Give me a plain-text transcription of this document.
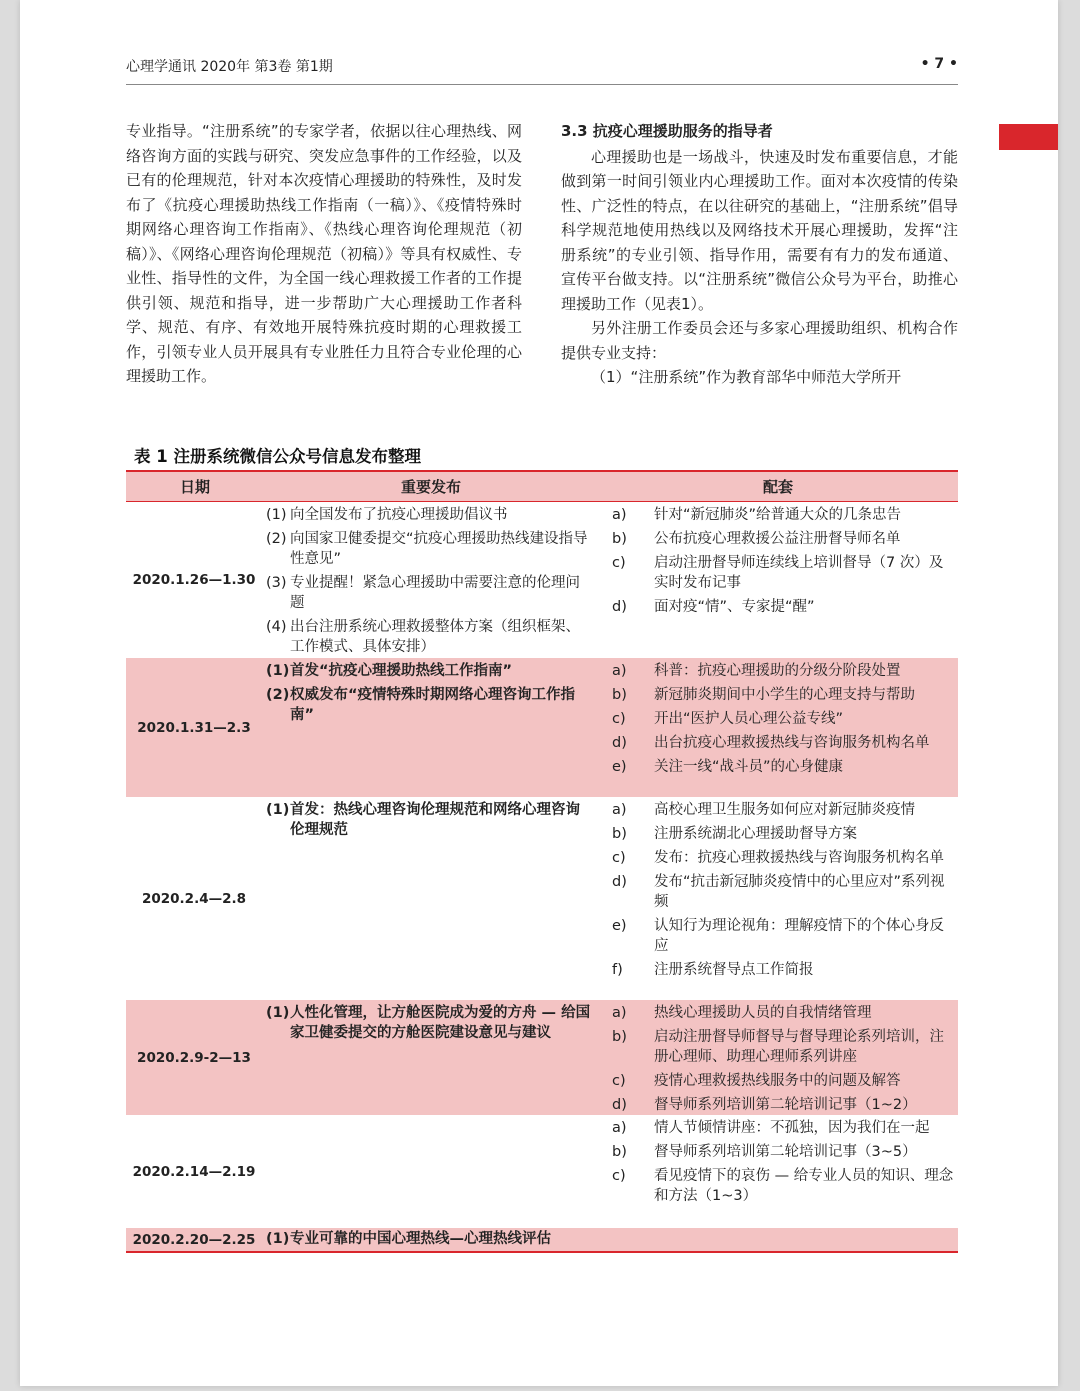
心理学通讯 2020年 第3卷 第1期	• 7 •

专业指导。“注册系统”的专家学者，依据以往心理热线、网络咨询方面的实践与研究、突发应急事件的工作经验，以及已有的伦理规范，针对本次疫情心理援助的特殊性，及时发布了《抗疫心理援助热线工作指南（一稿）》、《疫情特殊时期网络心理咨询工作指南》、《热线心理咨询伦理规范（初稿）》、《网络心理咨询伦理规范（初稿）》等具有权威性、专业性、指导性的文件，为全国一线心理救援工作者的工作提供引领、规范和指导，进一步帮助广大心理援助工作者科学、规范、有序、有效地开展特殊抗疫时期的心理救援工作，引领专业人员开展具有专业胜任力且符合专业伦理的心理援助工作。

3.3 抗疫心理援助服务的指导者

心理援助也是一场战斗，快速及时发布重要信息，才能做到第一时间引领业内心理援助工作。面对本次疫情的传染性、广泛性的特点，在以往研究的基础上，“注册系统”倡导科学规范地使用热线以及网络技术开展心理援助，发挥“注册系统”的专业引领、指导作用，需要有有力的发布通道、宣传平台做支持。以“注册系统”微信公众号为平台，助推心理援助工作（见表1）。

另外注册工作委员会还与多家心理援助组织、机构合作提供专业支持：

（1）“注册系统”作为教育部华中师范大学所开

表 1 注册系统微信公众号信息发布整理
日期	重要发布	配套
2020.1.26—1.30
(1) 向全国发布了抗疫心理援助倡议书
(2) 向国家卫健委提交“抗疫心理援助热线建设指导性意见”
(3) 专业提醒！紧急心理援助中需要注意的伦理问题
(4) 出台注册系统心理救援整体方案（组织框架、工作模式、具体安排）
a)	针对“新冠肺炎”给普通大众的几条忠告
b)	公布抗疫心理救援公益注册督导师名单
c)	启动注册督导师连续线上培训督导（7 次）及实时发布记事
d)	面对疫“情”、专家提“醒”
2020.1.31—2.3
(1) 首发“抗疫心理援助热线工作指南”
(2) 权威发布“疫情特殊时期网络心理咨询工作指南”
a)	科普：抗疫心理援助的分级分阶段处置
b)	新冠肺炎期间中小学生的心理支持与帮助
c)	开出“医护人员心理公益专线”
d)	出台抗疫心理救援热线与咨询服务机构名单
e)	关注一线“战斗员”的心身健康
2020.2.4—2.8
(1) 首发：热线心理咨询伦理规范和网络心理咨询伦理规范
a)	高校心理卫生服务如何应对新冠肺炎疫情
b)	注册系统湖北心理援助督导方案
c)	发布：抗疫心理救援热线与咨询服务机构名单
d)	发布“抗击新冠肺炎疫情中的心里应对”系列视频
e)	认知行为理论视角：理解疫情下的个体心身反应
f)	注册系统督导点工作简报
2020.2.9-2—13
(1) 人性化管理，让方舱医院成为爱的方舟 — 给国家卫健委提交的方舱医院建设意见与建议
a)	热线心理援助人员的自我情绪管理
b)	启动注册督导师督导与督导理论系列培训，注册心理师、助理心理师系列讲座
c)	疫情心理救援热线服务中的问题及解答
d)	督导师系列培训第二轮培训记事（1~2）
2020.2.14—2.19
a)	情人节倾情讲座：不孤独，因为我们在一起
b)	督导师系列培训第二轮培训记事（3~5）
c)	看见疫情下的哀伤 — 给专业人员的知识、理念和方法（1~3）
2020.2.20—2.25 (1) 专业可靠的中国心理热线—心理热线评估
